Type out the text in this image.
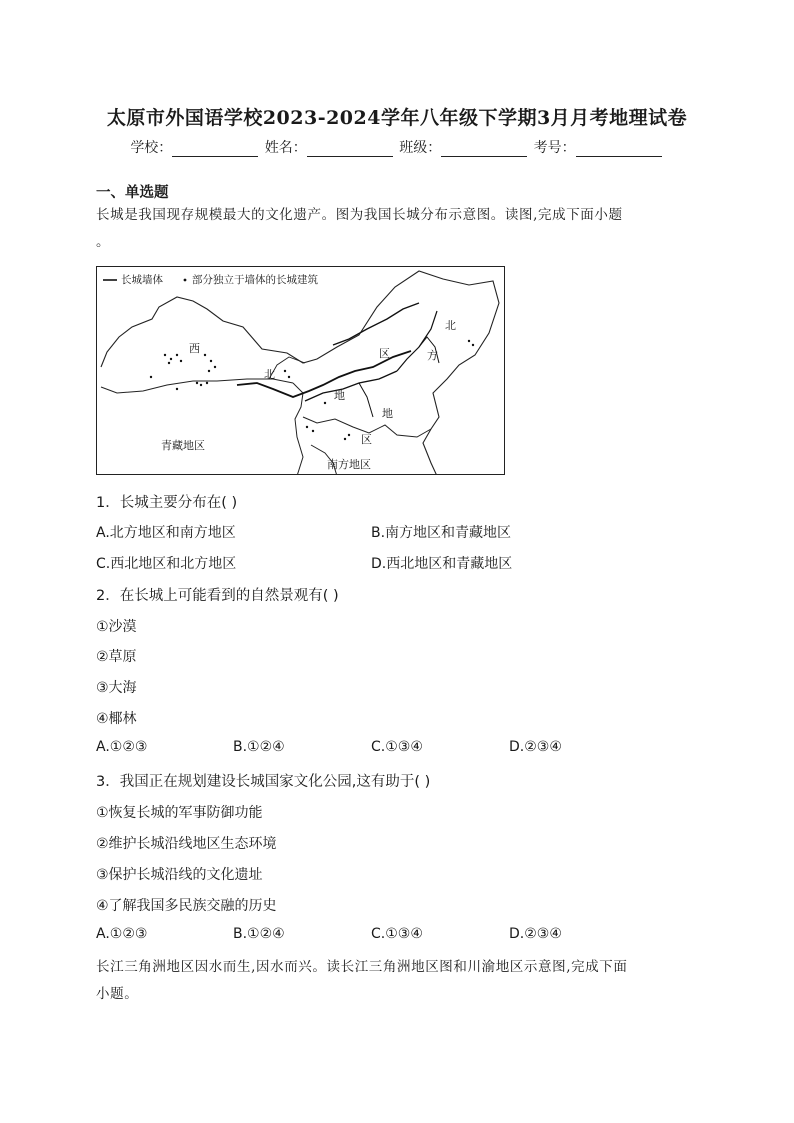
太原市外国语学校2023-2024学年八年级下学期3月月考地理试卷
学校：	姓名：	班级：	考号：
一、单选题
长城是我国现存规模最大的文化遗产。图为我国长城分布示意图。读图,完成下面小题
。
长城墙体	部分独立于墙体的长城建筑
西
北
区
北
方
地
地
区
青藏地区
南方地区
1．长城主要分布在( )
A.北方地区和南方地区	B.南方地区和青藏地区
C.西北地区和北方地区	D.西北地区和青藏地区
2．在长城上可能看到的自然景观有( )
①沙漠
②草原
③大海
④椰林
A.①②③	B.①②④	C.①③④	D.②③④
3．我国正在规划建设长城国家文化公园,这有助于( )
①恢复长城的军事防御功能
②维护长城沿线地区生态环境
③保护长城沿线的文化遗址
④了解我国多民族交融的历史
A.①②③	B.①②④	C.①③④	D.②③④
长江三角洲地区因水而生,因水而兴。读长江三角洲地区图和川渝地区示意图,完成下面
小题。
